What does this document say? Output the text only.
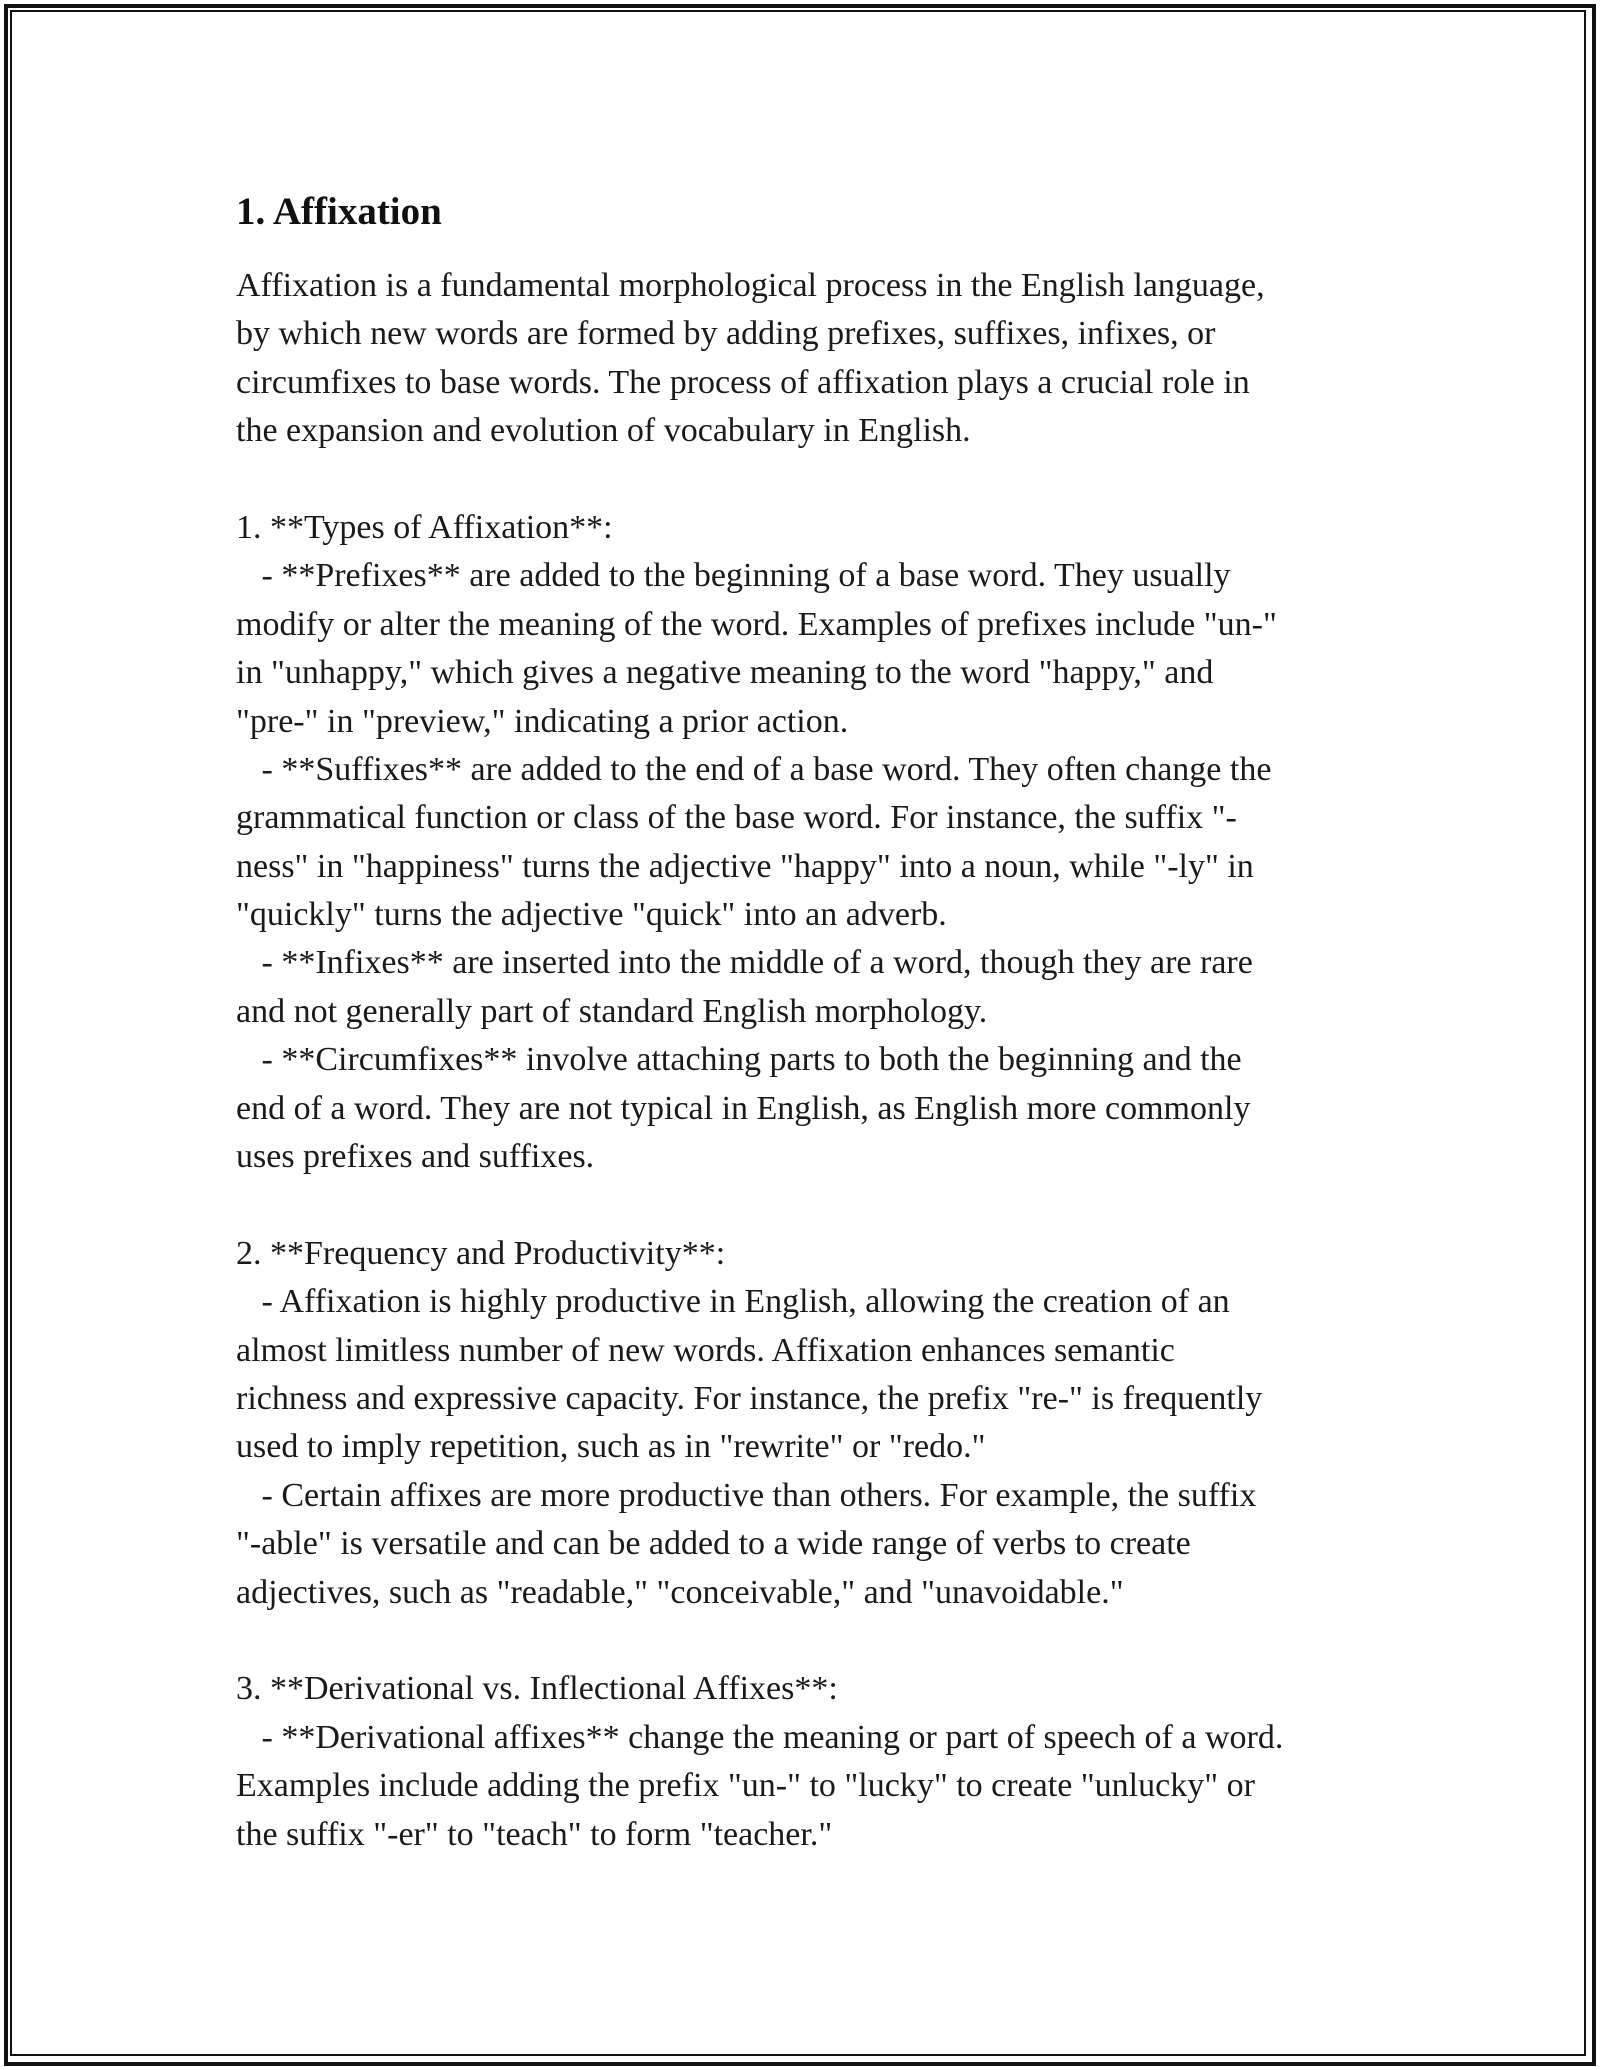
1. Affixation
Affixation is a fundamental morphological process in the English language,
by which new words are formed by adding prefixes, suffixes, infixes, or
circumfixes to base words. The process of affixation plays a crucial role in
the expansion and evolution of vocabulary in English.
1. **Types of Affixation**:
- **Prefixes** are added to the beginning of a base word. They usually
modify or alter the meaning of the word. Examples of prefixes include "un-"
in "unhappy," which gives a negative meaning to the word "happy," and
"pre-" in "preview," indicating a prior action.
- **Suffixes** are added to the end of a base word. They often change the
grammatical function or class of the base word. For instance, the suffix "-
ness" in "happiness" turns the adjective "happy" into a noun, while "-ly" in
"quickly" turns the adjective "quick" into an adverb.
- **Infixes** are inserted into the middle of a word, though they are rare
and not generally part of standard English morphology.
- **Circumfixes** involve attaching parts to both the beginning and the
end of a word. They are not typical in English, as English more commonly
uses prefixes and suffixes.
2. **Frequency and Productivity**:
- Affixation is highly productive in English, allowing the creation of an
almost limitless number of new words. Affixation enhances semantic
richness and expressive capacity. For instance, the prefix "re-" is frequently
used to imply repetition, such as in "rewrite" or "redo."
- Certain affixes are more productive than others. For example, the suffix
"-able" is versatile and can be added to a wide range of verbs to create
adjectives, such as "readable," "conceivable," and "unavoidable."
3. **Derivational vs. Inflectional Affixes**:
- **Derivational affixes** change the meaning or part of speech of a word.
Examples include adding the prefix "un-" to "lucky" to create "unlucky" or
the suffix "-er" to "teach" to form "teacher."
